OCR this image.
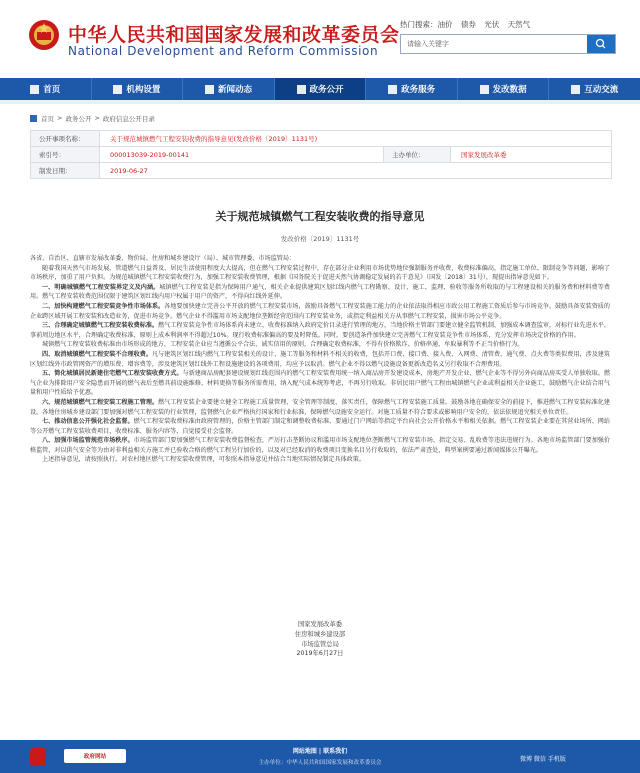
中华人民共和国国家发展和改革委员会
National Development and Reform Commission
热门搜索：油价 债券 光伏 天然气
请输入关键字
首页	机构设置	新闻动态	政务公开	政务服务	发改数据	互动交流
首页 > 政务公开 > 政府信息公开目录
公开事项名称：	关于规范城镇燃气工程安装收费的指导意见(发改价格〔2019〕1131号)
索引号：	000013039-2019-00141	主办单位：	国家发展改革委
制发日期：	2019-06-27
关于规范城镇燃气工程安装收费的指导意见
发改价格〔2019〕1131号

各省、自治区、直辖市发展改革委、物价局、住房和城乡建设厅（局）、城市管理委、市场监管局：

随着我国天然气市场发展，管道燃气日益普及，居民生活使用程度大大提高，但在燃气工程安装过程中，存在部分企业利用市场优势地位强制服务并收费，收费标准偏高，指定施工单位、限制竞争等问题，影响了市场秩序，加重了用户负担。为规范城镇燃气工程安装收费行为，加强工程安装收费管理，根据《国务院关于促进天然气协调稳定发展的若干意见》（国发〔2018〕31号），现提出指导意见如下。

一、明确城镇燃气工程安装界定义及内涵。城镇燃气工程安装是指为保障用户通气，相关企业提供建筑区划红线内燃气工程勘察、设计、施工、监理、验收等服务所收取的与工程建设相关的服务费和材料费等费用。燃气工程安装收费范围仅限于建筑区划红线内用户权属于用户的资产，不得向红线外延伸。

二、加快构建燃气工程安装竞争性市场体系。各地要加快建立完善公平开放的燃气工程安装市场，鼓励具备燃气工程安装施工能力的企业依法取得相应市政公用工程施工资质后参与市场竞争。鼓励具备安装资质的企业跨区域开展工程安装和改造业务，促进市场竞争。燃气企业不得滥用市场支配地位垄断经营范围内工程安装业务，或指定利益相关方从事燃气工程安装，损害市场公平竞争。

三、合理确定城镇燃气工程安装收费标准。燃气工程安装竞争性市场体系尚未建立、收费标准纳入政府定价目录进行管理的地方，当地价格主管部门要建立健全监管机制，加强成本调查监审，对标行业先进水平，事前周边地区水平，合理确定收费标准，原则上成本利润率不得超过10%。现行收费标准偏高的要及时降低。同时，要创造条件加快建立完善燃气工程安装竞争性市场体系，充分发挥市场决定价格的作用。

城镇燃气工程安装收费标准由市场形成的地方，工程安装企业应当遵循公平合法、诚实信用的原则，合理确定收费标准，不得有价格欺诈、价格串通、牟取暴利等不正当价格行为。

四、取消城镇燃气工程安装不合理收费。凡与建筑区划红线内燃气工程安装相关的设计、施工等服务和材料不相关的收费，包括开口费、接口费、接入费、入网费、清管费、通气费、点火费等类似费用，涉及建筑区划红线外市政管网资产的增压费、增容费等，涉及建筑区划红线外工程设施建设的各项费用，均应予以取消。燃气企业不得以燃气设施设备更新改造名义另行收取不合理费用。

五、简化城镇居民新建住宅燃气工程安装收费方式。与新建商品房配套建设规划红线范围内的燃气工程安装费用统一纳入商品房开发建设成本，房地产开发企业、燃气企业等不得另外向商品房买受人单独收取。燃气企业为排除用户安全隐患而开展的燃气表后至燃具前设施维修、材料更换等服务所需费用，纳入配气成本统筹考虑，不再另行收取。非居民用户燃气工程由城镇燃气企业或利益相关企业施工，鼓励燃气企业结合用气量和用户性质给予优惠。

六、规范城镇燃气工程安装工程施工管理。燃气工程安装企业要建立健全工程施工质量管理、安全管理等制度，落实责任，保障燃气工程安装施工质量。鼓励各地在确保安全的前提下，推进燃气工程安装标准化建设。各地住房城乡建设部门要加强对燃气工程安装的行业管理，监督燃气企业严格执行国家和行业标准，保障燃气设施安全运行。对施工质量不符合要求或影响用户安全的，依法依规追究相关单位责任。

七、推动信息公开强化社会监督。燃气工程安装收费标准由政府管理的，价格主管部门制定和调整收费标准，要通过门户网站等指定平台向社会公开价格水平和相关依据。燃气工程安装企业要在其营业场所、网站等公开燃气工程安装收费项目、收费标准、服务内容等，自觉接受社会监督。

八、加强市场监管规范市场秩序。市场监管部门要加强燃气工程安装收费监督检查，严厉打击垄断协议和滥用市场支配地位垄断燃气工程安装市场、指定交易、乱收费等违法违规行为。各地市场监管部门要加强价格监管，对以供气安全等为由对非利益相关方施工并已验收合格的燃气工程另行加价的，以及对已经取消的收费项目变换名目另行收取的，依法严肃查处，典型案例要通过新闻媒体公开曝光。

上述指导意见，请按照执行。对农村地区燃气工程安装收费管理，可参照本指导意见并结合当地实际情况制定具体政策。

国家发展改革委
住房和城乡建设部
市场监管总局
2019年6月27日
政府网站
网站地图 | 联系我们
主办单位：中华人民共和国国家发展和改革委员会	微博 微信 手机版
